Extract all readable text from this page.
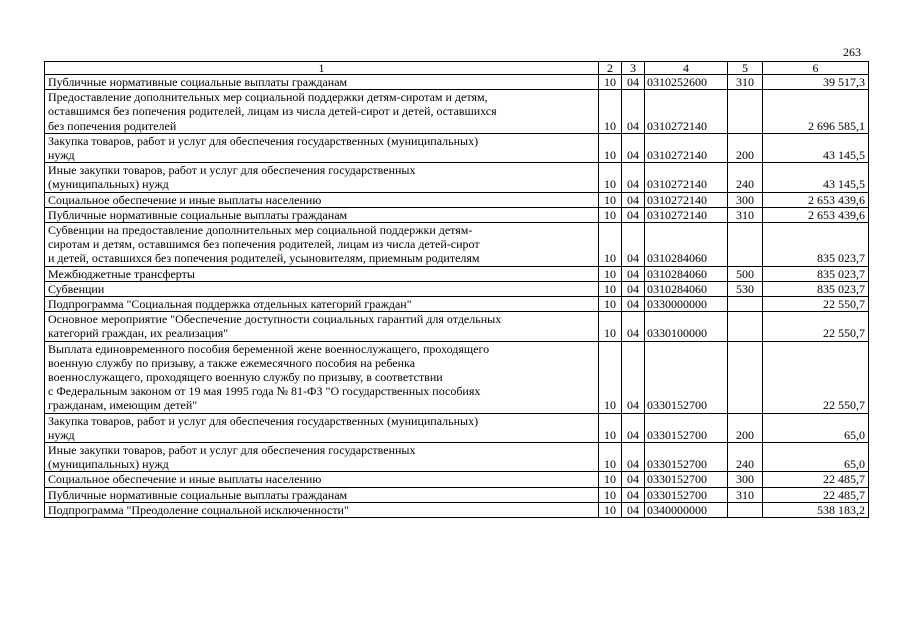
263
1	2	3	4	5	6
Публичные нормативные социальные выплаты гражданам	10	04	0310252600	310	39 517,3
Предоставление дополнительных мер социальной поддержки детям-сиротам и детям,
оставшимся без попечения родителей, лицам из числа детей-сирот и детей, оставшихся
без попечения родителей	10	04	0310272140		2 696 585,1
Закупка товаров, работ и услуг для обеспечения государственных (муниципальных)
нужд	10	04	0310272140	200	43 145,5
Иные закупки товаров, работ и услуг для обеспечения государственных
(муниципальных) нужд	10	04	0310272140	240	43 145,5
Социальное обеспечение и иные выплаты населению	10	04	0310272140	300	2 653 439,6
Публичные нормативные социальные выплаты гражданам	10	04	0310272140	310	2 653 439,6
Субвенции на предоставление дополнительных мер социальной поддержки детям-
сиротам и детям, оставшимся без попечения родителей, лицам из числа детей-сирот
и детей, оставшихся без попечения родителей, усыновителям, приемным родителям	10	04	0310284060		835 023,7
Межбюджетные трансферты	10	04	0310284060	500	835 023,7
Субвенции	10	04	0310284060	530	835 023,7
Подпрограмма "Социальная поддержка отдельных категорий граждан"	10	04	0330000000		22 550,7
Основное мероприятие "Обеспечение доступности социальных гарантий для отдельных
категорий граждан, их реализация"	10	04	0330100000		22 550,7
Выплата единовременного пособия беременной жене военнослужащего, проходящего
военную службу по призыву, а также ежемесячного пособия на ребенка
военнослужащего, проходящего военную службу по призыву, в соответствии
с Федеральным законом от 19 мая 1995 года № 81-ФЗ "О государственных пособиях
гражданам, имеющим детей"	10	04	0330152700		22 550,7
Закупка товаров, работ и услуг для обеспечения государственных (муниципальных)
нужд	10	04	0330152700	200	65,0
Иные закупки товаров, работ и услуг для обеспечения государственных
(муниципальных) нужд	10	04	0330152700	240	65,0
Социальное обеспечение и иные выплаты населению	10	04	0330152700	300	22 485,7
Публичные нормативные социальные выплаты гражданам	10	04	0330152700	310	22 485,7
Подпрограмма "Преодоление социальной исключенности"	10	04	0340000000		538 183,2
